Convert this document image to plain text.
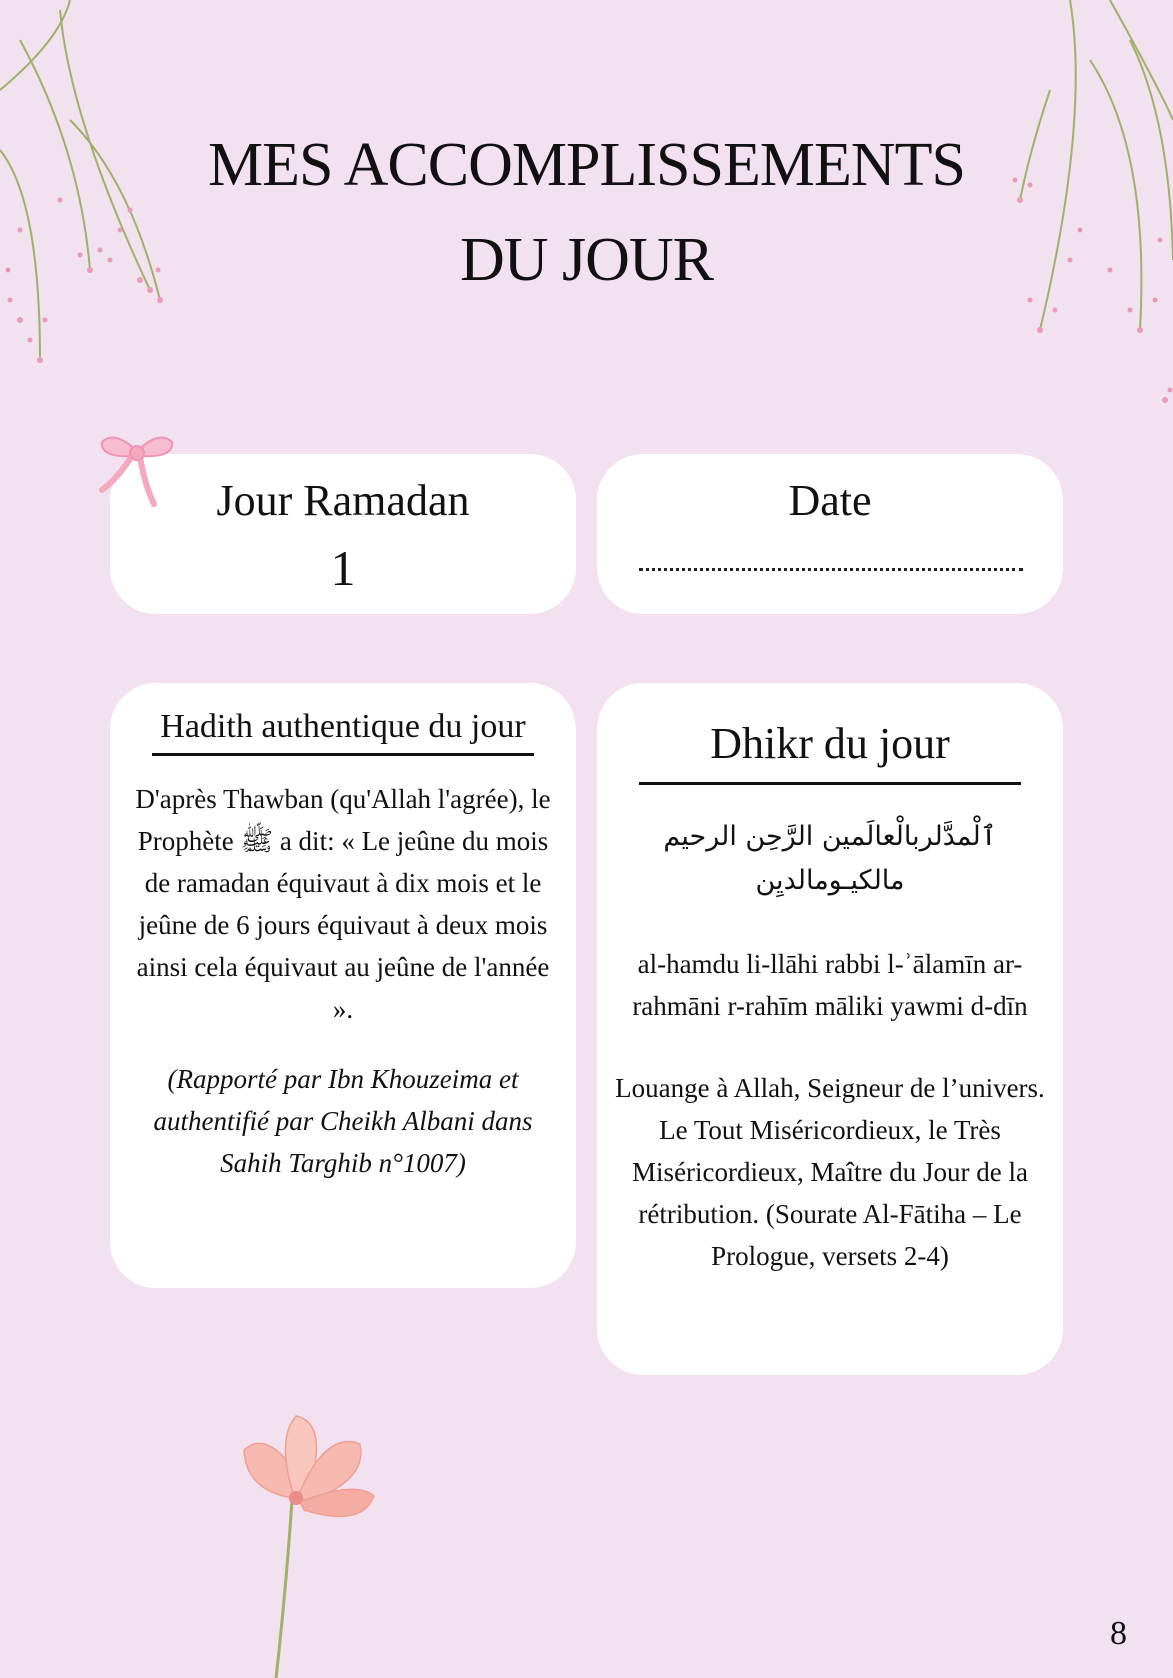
MES ACCOMPLISSEMENTS
DU JOUR
Jour Ramadan
1
Date
Hadith authentique du jour
D'après Thawban (qu'Allah l'agrée), le Prophète ﷺ a dit: « Le jeûne du mois de ramadan équivaut à dix mois et le jeûne de 6 jours équivaut à deux mois ainsi cela équivaut au jeûne de l'année ».
(Rapporté par Ibn Khouzeima et authentifié par Cheikh Albani dans Sahih Targhib n°1007)
Dhikr du jour
ٱلْمدَّلربالْعالَمين الرَّحِن الرحيم مالكيـومالديِن
al-hamdu li-llāhi rabbi l-ʾālamīn ar- rahmāni r-rahīm māliki yawmi d-dīn
Louange à Allah, Seigneur de l’univers. Le Tout Miséricordieux, le Très Miséricordieux, Maître du Jour de la rétribution. (Sourate Al-Fātiha – Le Prologue, versets 2-4)
8
